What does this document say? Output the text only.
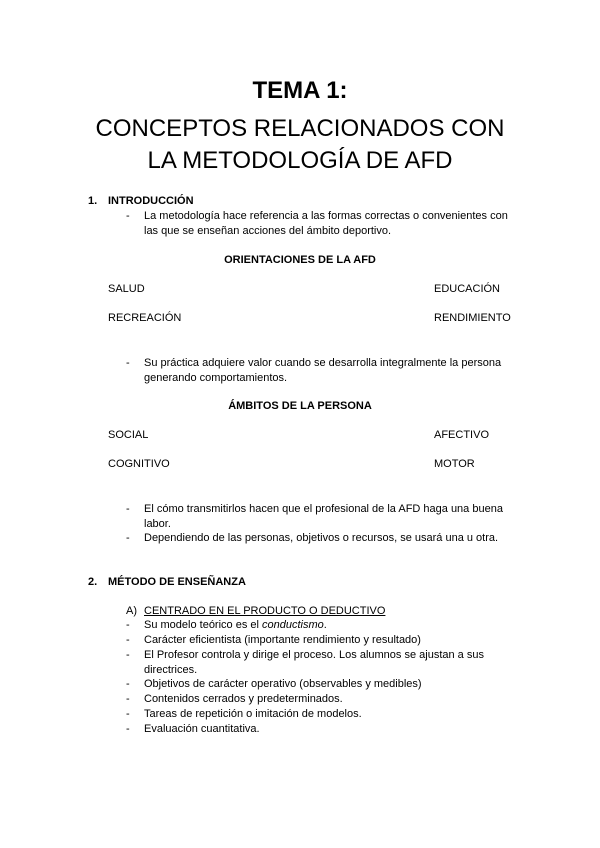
TEMA 1:
CONCEPTOS RELACIONADOS CON
LA METODOLOGÍA DE AFD
1. INTRODUCCIÓN
- La metodología hace referencia a las formas correctas o convenientes con las que se enseñan acciones del ámbito deportivo.
ORIENTACIONES DE LA AFD
SALUD	EDUCACIÓN
RECREACIÓN	RENDIMIENTO
- Su práctica adquiere valor cuando se desarrolla integralmente la persona generando comportamientos.
ÁMBITOS DE LA PERSONA
SOCIAL	AFECTIVO
COGNITIVO	MOTOR
- El cómo transmitirlos hacen que el profesional de la AFD haga una buena labor.
- Dependiendo de las personas, objetivos o recursos, se usará una u otra.
2. MÉTODO DE ENSEÑANZA
A) CENTRADO EN EL PRODUCTO O DEDUCTIVO
- Su modelo teórico es el conductismo.
- Carácter eficientista (importante rendimiento y resultado)
- El Profesor controla y dirige el proceso. Los alumnos se ajustan a sus directrices.
- Objetivos de carácter operativo (observables y medibles)
- Contenidos cerrados y predeterminados.
- Tareas de repetición o imitación de modelos.
- Evaluación cuantitativa.
